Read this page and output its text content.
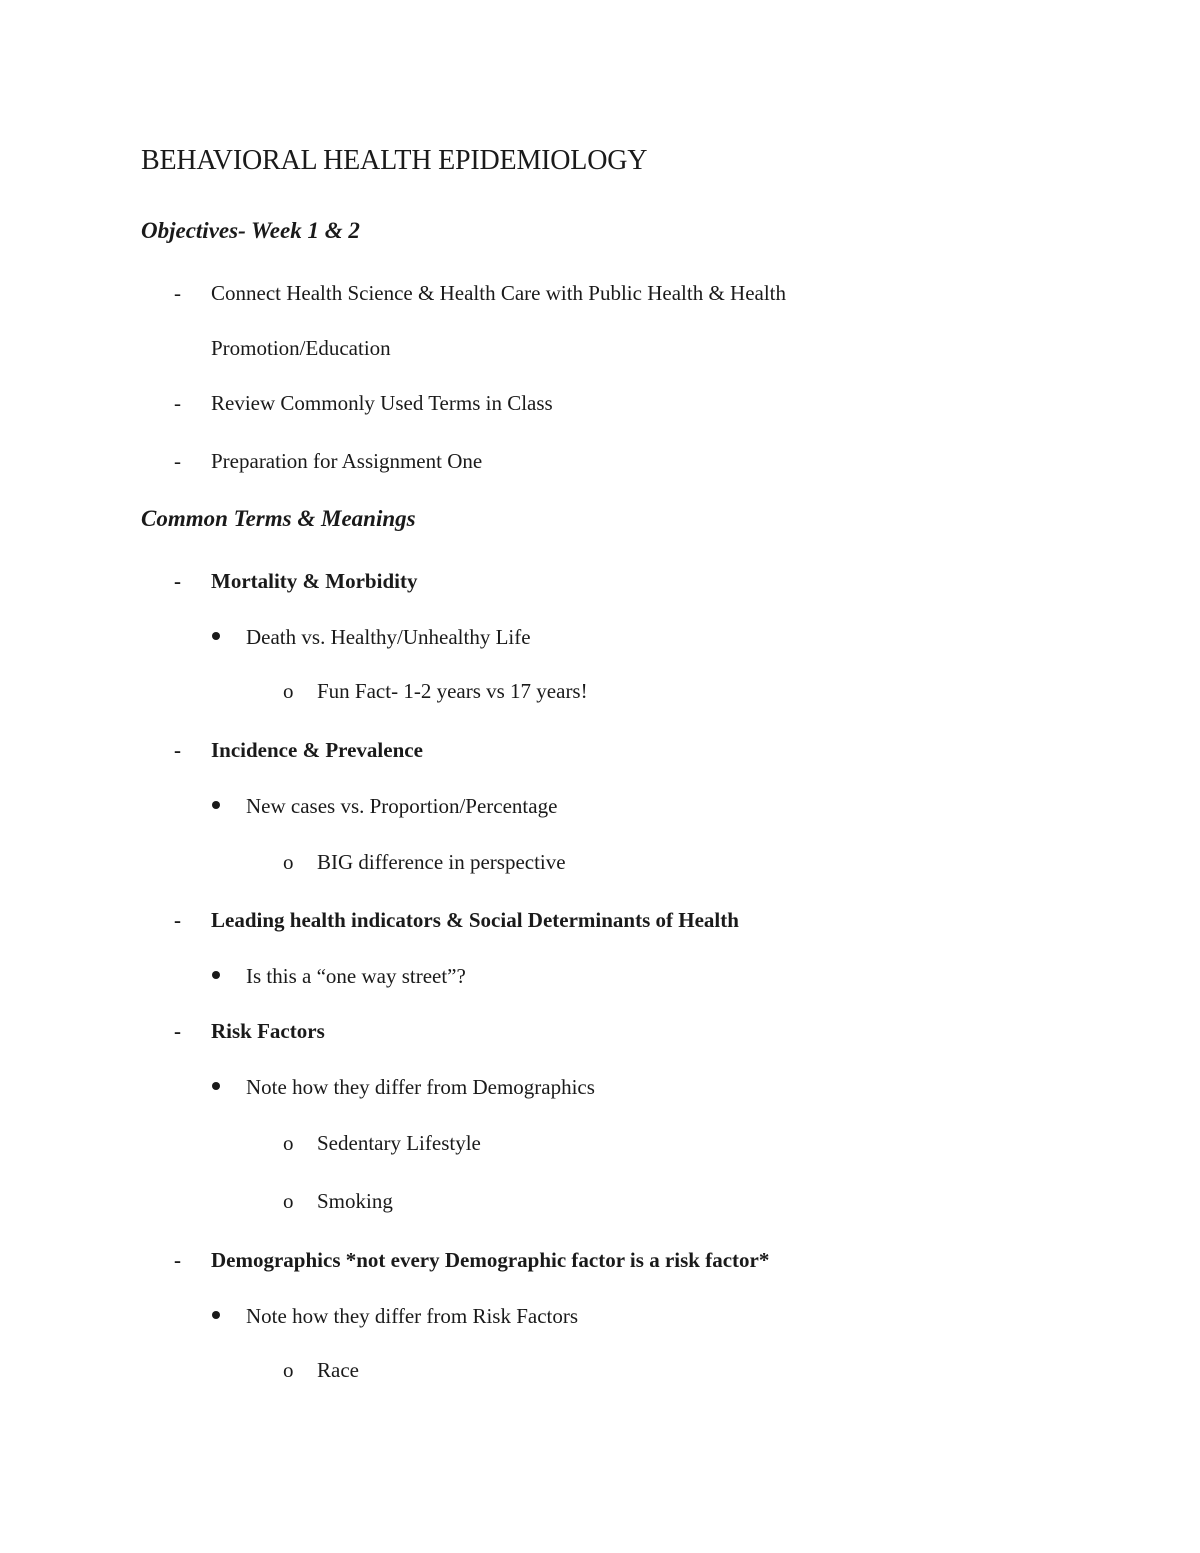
BEHAVIORAL HEALTH EPIDEMIOLOGY
Objectives- Week 1 & 2
- Connect Health Science & Health Care with Public Health & Health
Promotion/Education
- Review Commonly Used Terms in Class
- Preparation for Assignment One
Common Terms & Meanings
- Mortality & Morbidity
Death vs. Healthy/Unhealthy Life
o Fun Fact- 1-2 years vs 17 years!
- Incidence & Prevalence
New cases vs. Proportion/Percentage
o BIG difference in perspective
- Leading health indicators & Social Determinants of Health
Is this a “one way street”?
- Risk Factors
Note how they differ from Demographics
o Sedentary Lifestyle
o Smoking
- Demographics *not every Demographic factor is a risk factor*
Note how they differ from Risk Factors
o Race
